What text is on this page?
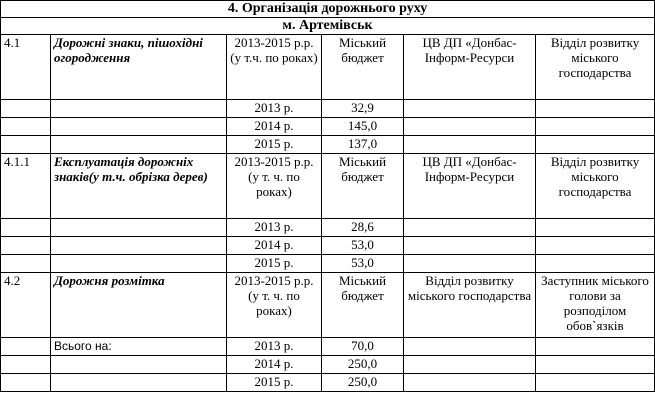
4. Організація дорожнього руху					
м. Артемівськ					
4.1	Дорожні знаки, пішохідні огородження	2013-2015 р.р. (у т.ч. по роках)	Міський бюджет	ЦВ ДП «Донбас-Інформ-Ресурси	Відділ розвитку міського господарства
		2013 р.	32,9		
		2014 р.	145,0		
		2015 р.	137,0		
4.1.1	Експлуатація дорожніх знаків(у т.ч. обрізка дерев)	2013-2015 р.р. (у т. ч. по роках)	Міський бюджет	ЦВ ДП «Донбас-Інформ-Ресурси	Відділ розвитку міського господарства
		2013 р.	28,6		
		2014 р.	53,0		
		2015 р.	53,0		
4.2	Дорожня розмітка	2013-2015 р.р. (у т. ч. по роках)	Міський бюджет	Відділ розвитку міського господарства	Заступник міського голови за розподілом обов`язків
	Всього на:	2013 р.	70,0		
		2014 р.	250,0		
		2015 р.	250,0		
